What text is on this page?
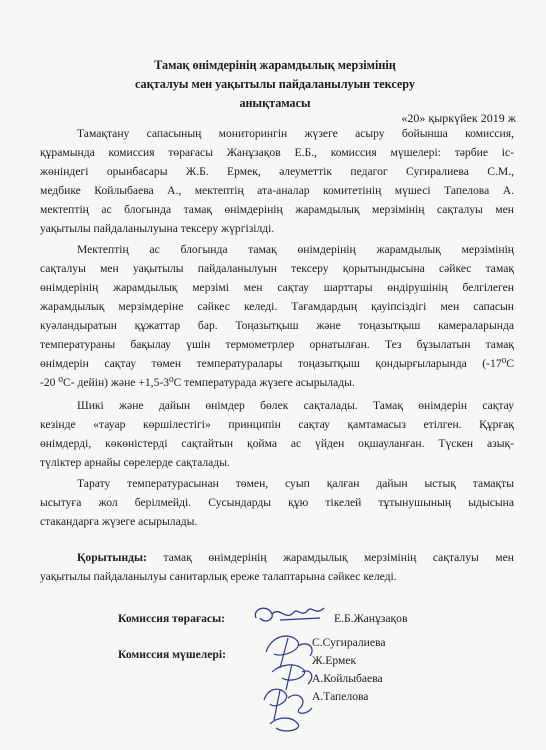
Тамақ өнімдерінің жарамдылық мерзімінің
сақталуы мен уақытылы пайдаланылуын тексеру
анықтамасы
«20» қыркүйек 2019 ж
Тамақтану сапасының мониторингін жүзеге асыру бойынша комиссия,
құрамында комиссия төрағасы Жанұзақов Е.Б., комиссия мүшелері: тәрбие іс-
жөніндегі орынбасары Ж.Б. Ермек, әлеуметтік педагог Сугиралиева С.М.,
медбике Койлыбаева А., мектептің ата-аналар комитетінің мүшесі Тапелова А.
мектептің ас блогында тамақ өнімдерінің жарамдылық мерзімінің сақталуы мен
уақытылы пайдаланылуына тексеру жүргізілді.
Мектептің ас блогында тамақ өнімдерінің жарамдылық мерзімінің
сақталуы мен уақытылы пайдаланылуын тексеру қорытындысына сәйкес тамақ
өнімдерінің жарамдылық мерзімі мен сақтау шарттары өндірушінің белгілеген
жарамдылық мерзімдеріне сәйкес келеді. Тағамдардың қауіпсіздігі мен сапасын
куәландыратын құжаттар бар. Тоңазытқыш және тоңазытқыш камераларында
температураны бақылау үшін термометрлер орнатылған. Тез бұзылатын тамақ
өнімдерін сақтау төмен температуралары тоңазытқыш қондырғыларында (-17⁰С
-20 ⁰С- дейін) және +1,5-3⁰С температурада жүзеге асырылады.
Шикі және дайын өнімдер бөлек сақталады. Тамақ өнімдерін сақтау
кезінде «тауар көршілестігі» принципін сақтау қамтамасыз етілген. Құрғақ
өнімдерді, көкөністерді сақтайтын қойма ас үйден оқшауланған. Түскен азық-
түліктер арнайы сөрелерде сақталады.
Тарату температурасынан төмен, суып қалған дайын ыстық тамақты
ысытуға жол берілмейді. Сусындарды құю тікелей тұтынушының ыдысына
стакандарға жүзеге асырылады.
Қорытынды: тамақ өнімдерінің жарамдылық мерзімінің сақталуы мен
уақытылы пайдаланылуы санитарлық ереже талаптарына сәйкес келеді.
Комиссия төрағасы:	Е.Б.Жанұзақов
Комиссия мүшелері:
С.Сугиралиева
Ж.Ермек
А.Койлыбаева
А.Тапелова
